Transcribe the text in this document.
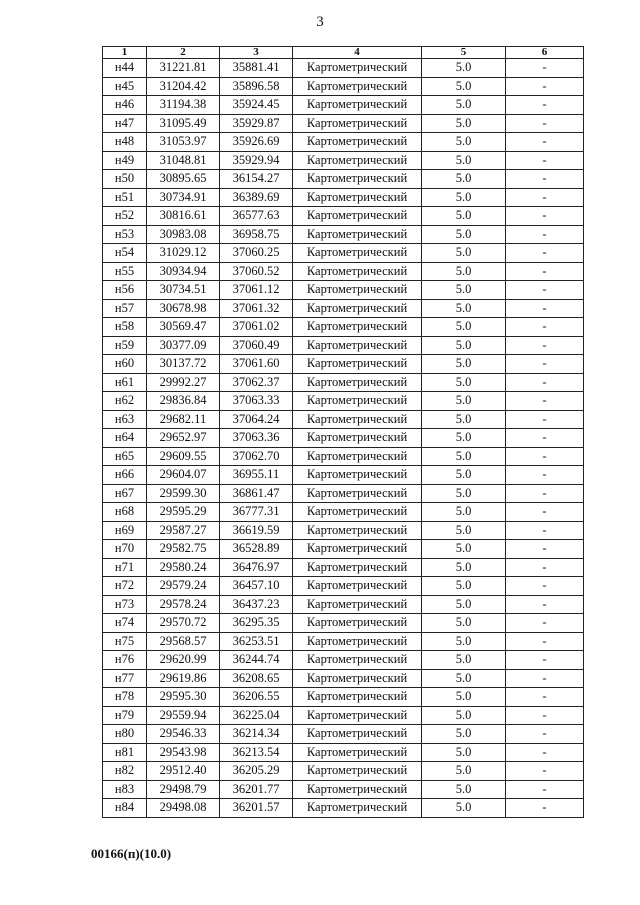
3
1	2	3	4	5	6
н44	31221.81	35881.41	Картометрический	5.0	-
н45	31204.42	35896.58	Картометрический	5.0	-
н46	31194.38	35924.45	Картометрический	5.0	-
н47	31095.49	35929.87	Картометрический	5.0	-
н48	31053.97	35926.69	Картометрический	5.0	-
н49	31048.81	35929.94	Картометрический	5.0	-
н50	30895.65	36154.27	Картометрический	5.0	-
н51	30734.91	36389.69	Картометрический	5.0	-
н52	30816.61	36577.63	Картометрический	5.0	-
н53	30983.08	36958.75	Картометрический	5.0	-
н54	31029.12	37060.25	Картометрический	5.0	-
н55	30934.94	37060.52	Картометрический	5.0	-
н56	30734.51	37061.12	Картометрический	5.0	-
н57	30678.98	37061.32	Картометрический	5.0	-
н58	30569.47	37061.02	Картометрический	5.0	-
н59	30377.09	37060.49	Картометрический	5.0	-
н60	30137.72	37061.60	Картометрический	5.0	-
н61	29992.27	37062.37	Картометрический	5.0	-
н62	29836.84	37063.33	Картометрический	5.0	-
н63	29682.11	37064.24	Картометрический	5.0	-
н64	29652.97	37063.36	Картометрический	5.0	-
н65	29609.55	37062.70	Картометрический	5.0	-
н66	29604.07	36955.11	Картометрический	5.0	-
н67	29599.30	36861.47	Картометрический	5.0	-
н68	29595.29	36777.31	Картометрический	5.0	-
н69	29587.27	36619.59	Картометрический	5.0	-
н70	29582.75	36528.89	Картометрический	5.0	-
н71	29580.24	36476.97	Картометрический	5.0	-
н72	29579.24	36457.10	Картометрический	5.0	-
н73	29578.24	36437.23	Картометрический	5.0	-
н74	29570.72	36295.35	Картометрический	5.0	-
н75	29568.57	36253.51	Картометрический	5.0	-
н76	29620.99	36244.74	Картометрический	5.0	-
н77	29619.86	36208.65	Картометрический	5.0	-
н78	29595.30	36206.55	Картометрический	5.0	-
н79	29559.94	36225.04	Картометрический	5.0	-
н80	29546.33	36214.34	Картометрический	5.0	-
н81	29543.98	36213.54	Картометрический	5.0	-
н82	29512.40	36205.29	Картометрический	5.0	-
н83	29498.79	36201.77	Картометрический	5.0	-
н84	29498.08	36201.57	Картометрический	5.0	-
00166(п)(10.0)
